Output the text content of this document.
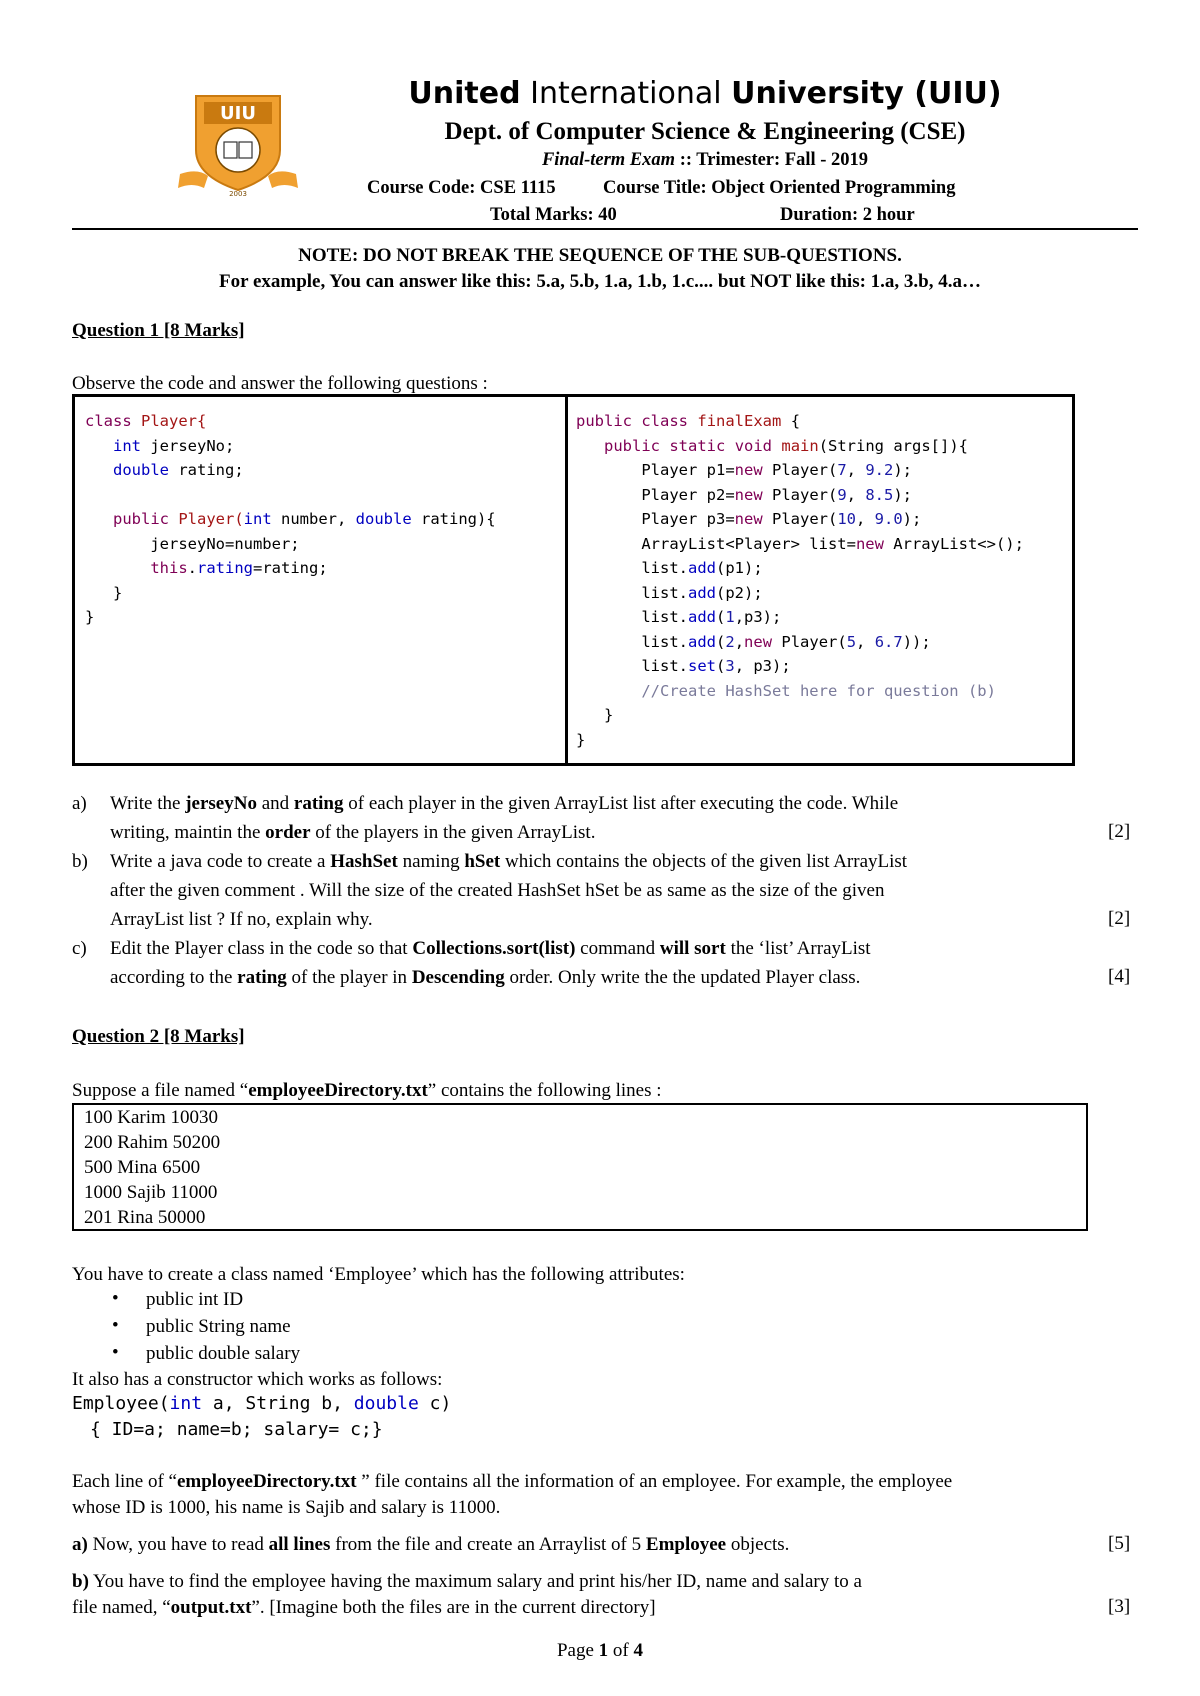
UIU
2003
United International University (UIU)
Dept. of Computer Science & Engineering (CSE)
Final-term Exam :: Trimester: Fall - 2019
Course Code: CSE 1115	Course Title: Object Oriented Programming
Total Marks: 40	Duration: 2 hour
NOTE: DO NOT BREAK THE SEQUENCE OF THE SUB-QUESTIONS.
For example, You can answer like this: 5.a, 5.b, 1.a, 1.b, 1.c.... but NOT like this: 1.a, 3.b, 4.a…
Question 1 [8 Marks]
Observe the code and answer the following questions :
class Player{
int jerseyNo;
double rating;

public Player(int number, double rating){
jerseyNo=number;
this.rating=rating;
}
}
public class finalExam {
public static void main(String args[]){
Player p1=new Player(7, 9.2);
Player p2=new Player(9, 8.5);
Player p3=new Player(10, 9.0);
ArrayList<Player> list=new ArrayList<>();
list.add(p1);
list.add(p2);
list.add(1,p3);
list.add(2,new Player(5, 6.7));
list.set(3, p3);
//Create HashSet here for question (b)
}
}
a) Write the jerseyNo and rating of each player in the given ArrayList list after executing the code. While
writing, maintin the order of the players in the given ArrayList.	[2]
b) Write a java code to create a HashSet naming hSet which contains the objects of the given list ArrayList
after the given comment . Will the size of the created HashSet hSet be as same as the size of the given
ArrayList list ? If no, explain why.	[2]
c) Edit the Player class in the code so that Collections.sort(list) command will sort the ‘list’ ArrayList
according to the rating of the player in Descending order. Only write the the updated Player class.	[4]
Question 2 [8 Marks]
Suppose a file named “employeeDirectory.txt” contains the following lines :
100 Karim 10030
200 Rahim 50200
500 Mina 6500
1000 Sajib 11000
201 Rina 50000
You have to create a class named ‘Employee’ which has the following attributes:
• public int ID
• public String name
• public double salary
It also has a constructor which works as follows:
Employee(int a, String b, double c)
{ ID=a; name=b; salary= c;}
Each line of “employeeDirectory.txt ” file contains all the information of an employee. For example, the employee
whose ID is 1000, his name is Sajib and salary is 11000.
a) Now, you have to read all lines from the file and create an Arraylist of 5 Employee objects.	[5]
b) You have to find the employee having the maximum salary and print his/her ID, name and salary to a
file named, “output.txt”. [Imagine both the files are in the current directory]	[3]
Page 1 of 4
